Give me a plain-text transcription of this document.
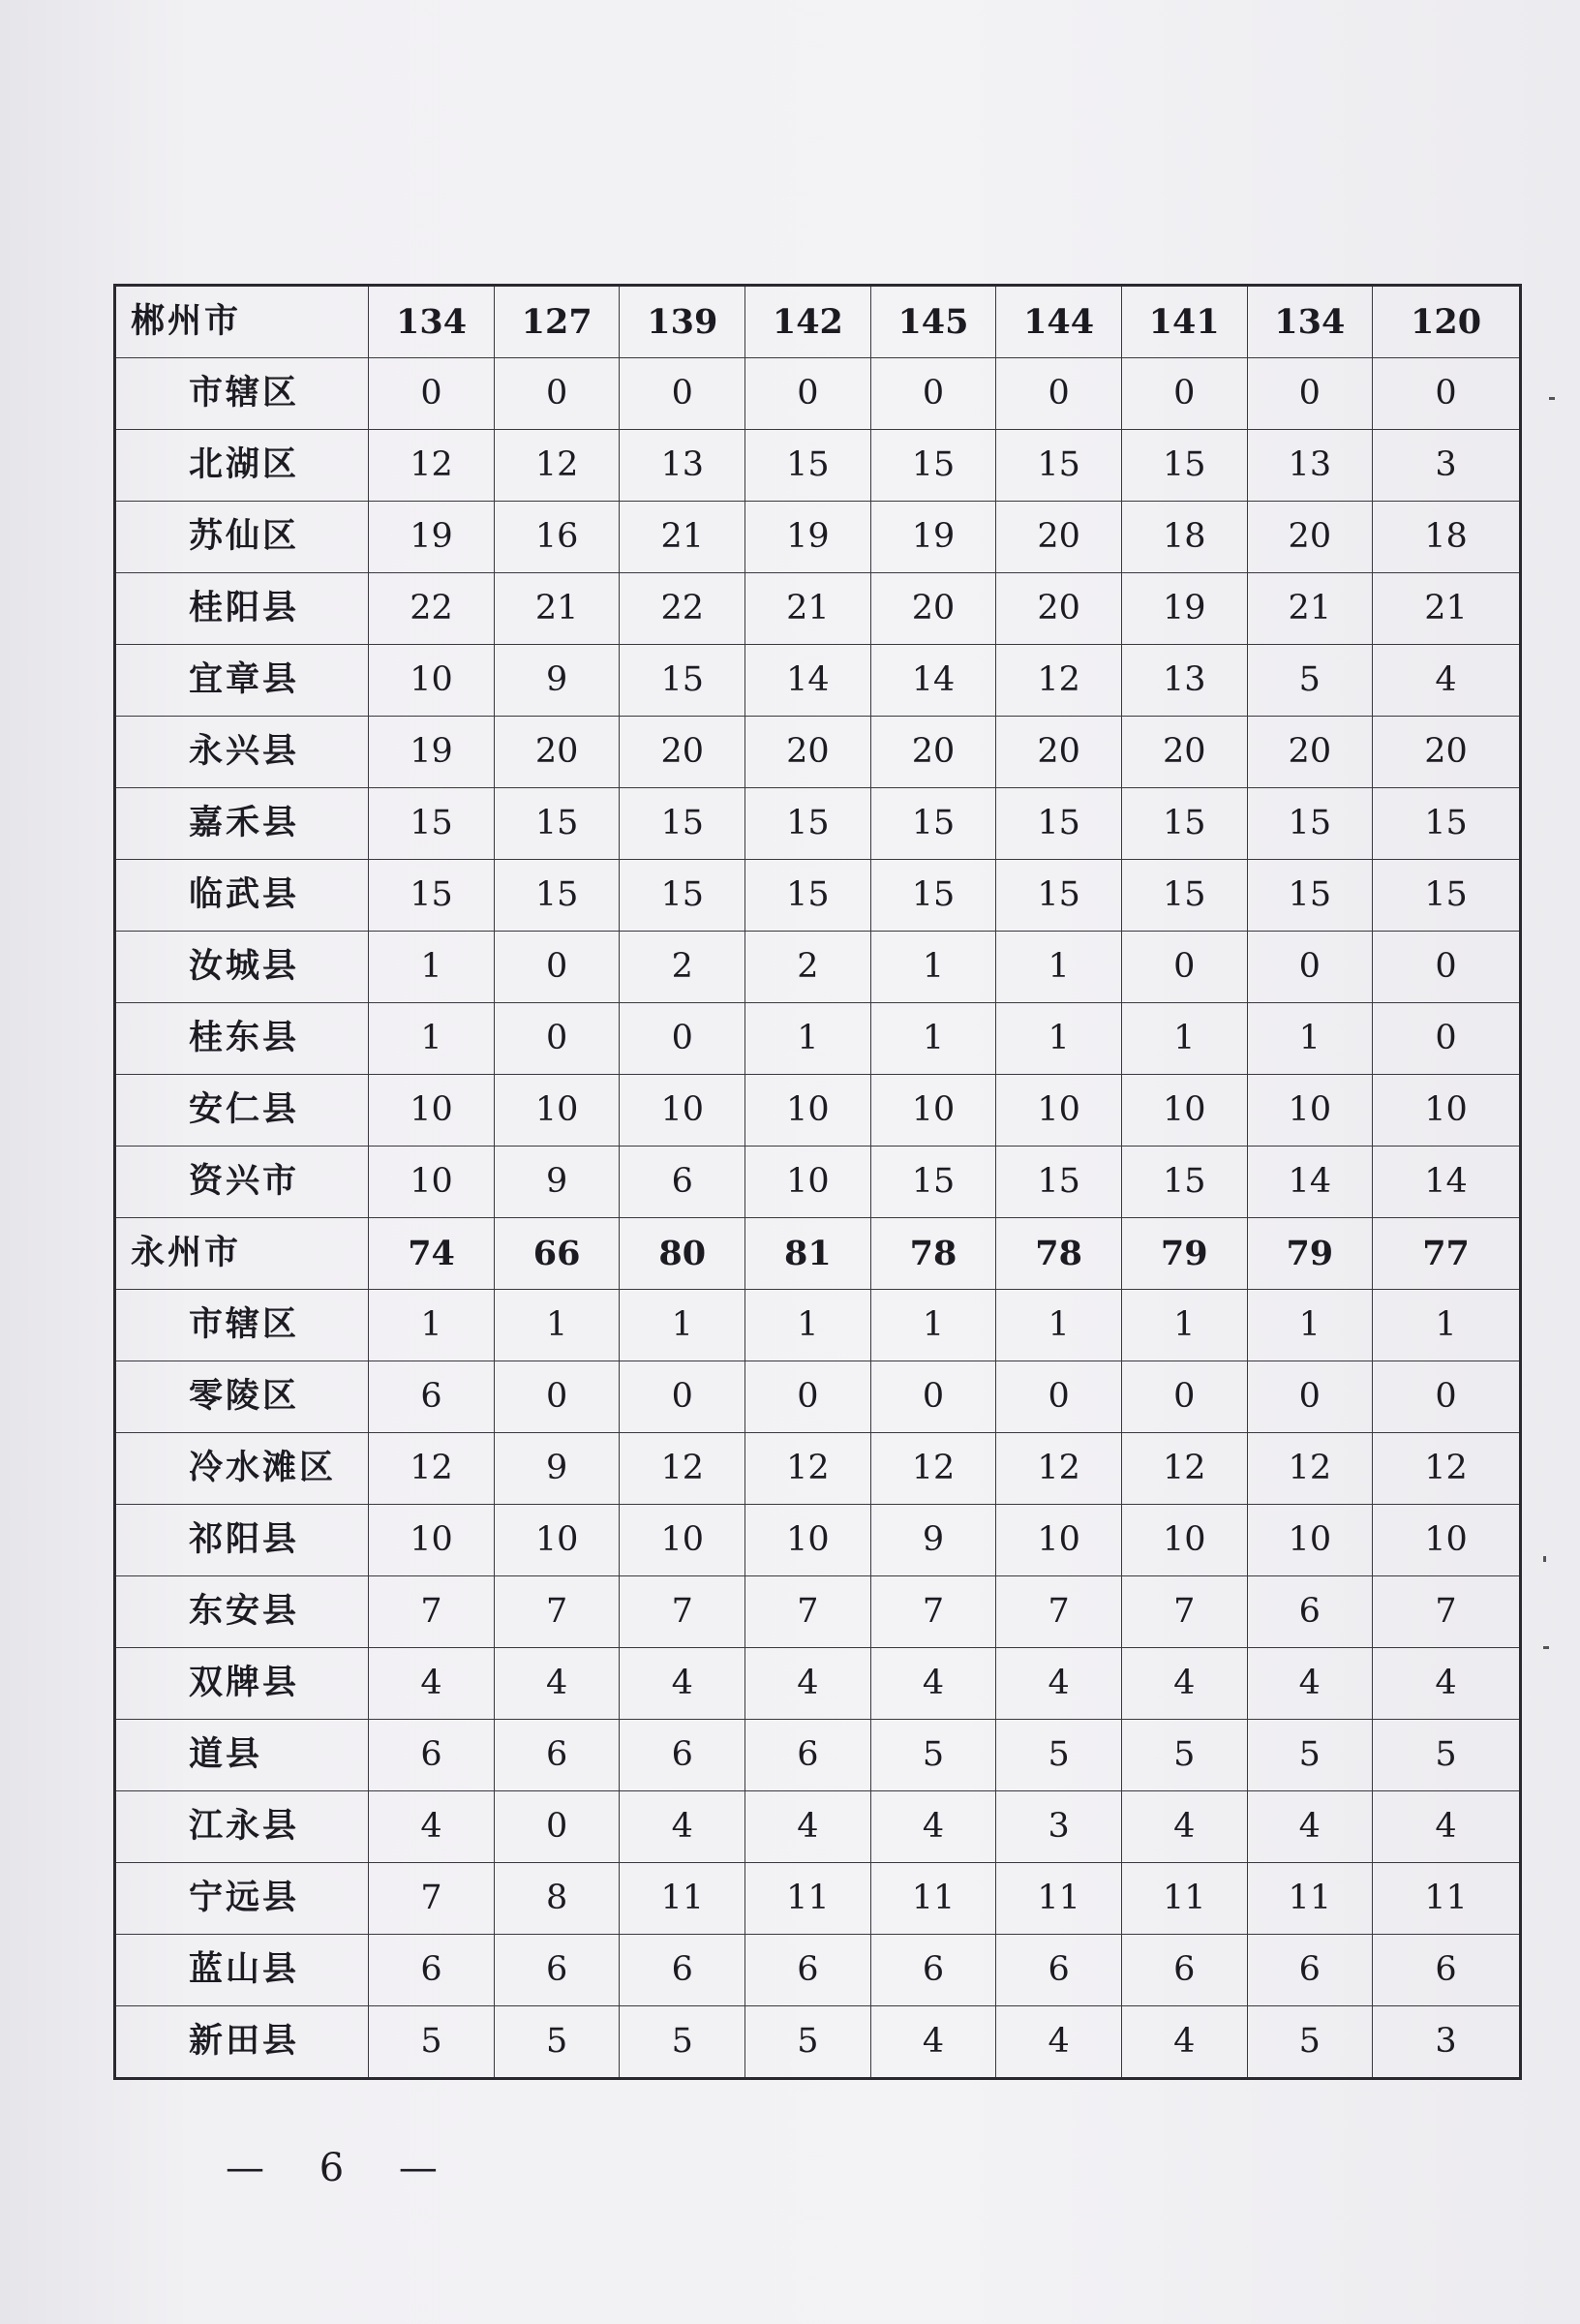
郴州市	134	127	139	142	145	144	141	134	120
市辖区	0	0	0	0	0	0	0	0	0
北湖区	12	12	13	15	15	15	15	13	3
苏仙区	19	16	21	19	19	20	18	20	18
桂阳县	22	21	22	21	20	20	19	21	21
宜章县	10	9	15	14	14	12	13	5	4
永兴县	19	20	20	20	20	20	20	20	20
嘉禾县	15	15	15	15	15	15	15	15	15
临武县	15	15	15	15	15	15	15	15	15
汝城县	1	0	2	2	1	1	0	0	0
桂东县	1	0	0	1	1	1	1	1	0
安仁县	10	10	10	10	10	10	10	10	10
资兴市	10	9	6	10	15	15	15	14	14
永州市	74	66	80	81	78	78	79	79	77
市辖区	1	1	1	1	1	1	1	1	1
零陵区	6	0	0	0	0	0	0	0	0
冷水滩区	12	9	12	12	12	12	12	12	12
祁阳县	10	10	10	10	9	10	10	10	10
东安县	7	7	7	7	7	7	7	6	7
双牌县	4	4	4	4	4	4	4	4	4
道县	6	6	6	6	5	5	5	5	5
江永县	4	0	4	4	4	3	4	4	4
宁远县	7	8	11	11	11	11	11	11	11
蓝山县	6	6	6	6	6	6	6	6	6
新田县	5	5	5	5	4	4	4	5	3
— 6 —
